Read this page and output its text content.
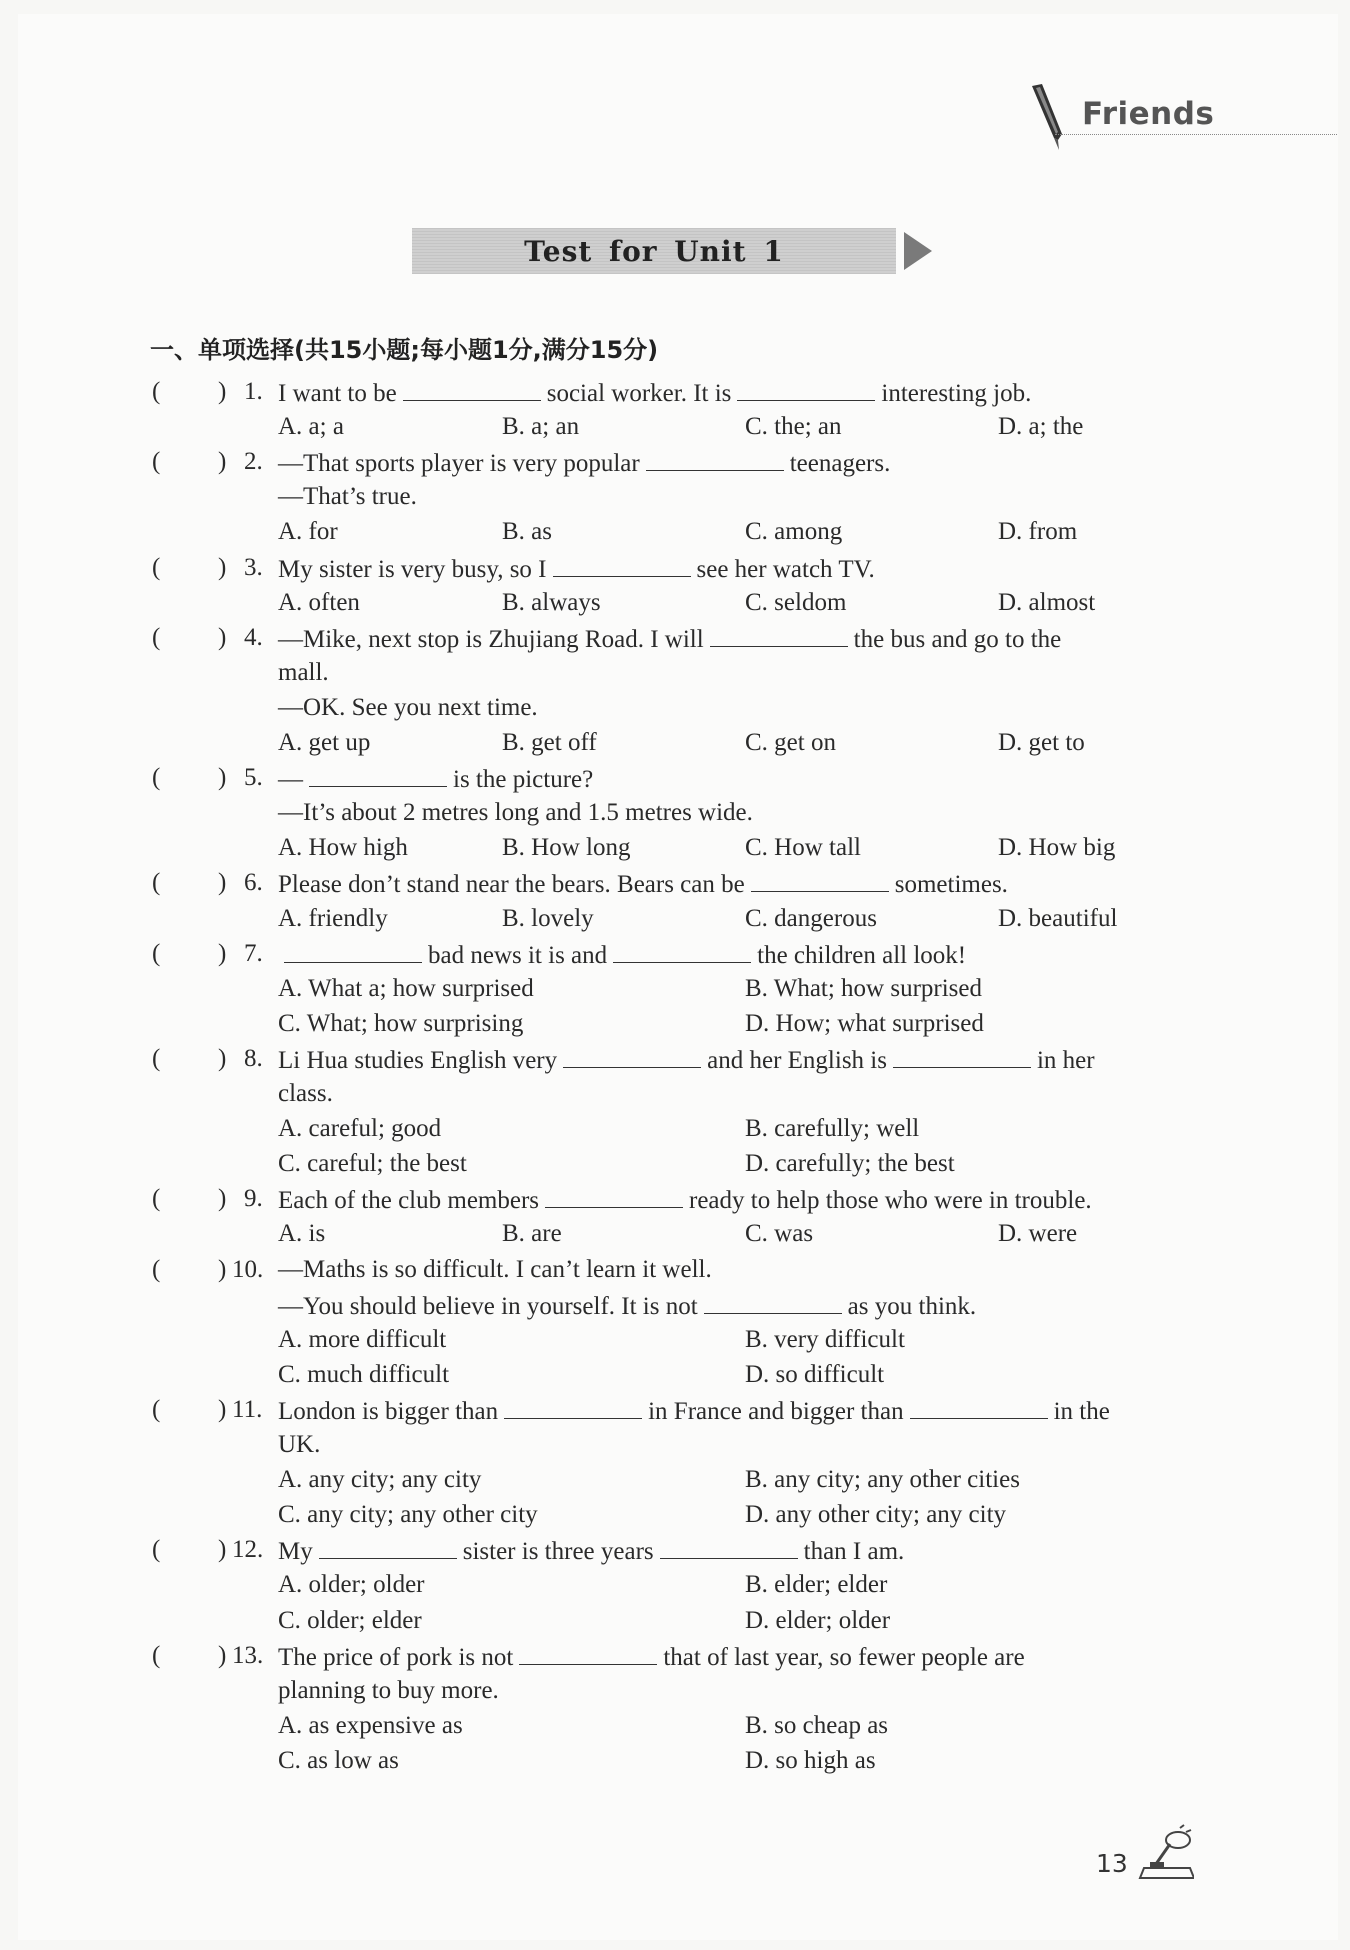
Friends
Test for Unit 1
一、单项选择(共15小题;每小题1分,满分15分)
( ) 1. I want to be	social worker. It is	interesting job.
A. a; a	B. a; an	C. the; an	D. a; the
( ) 2. —That sports player is very popular	teenagers.
—That’s true.
A. for	B. as	C. among	D. from
( ) 3. My sister is very busy, so I	see her watch TV.
A. often	B. always	C. seldom	D. almost
( ) 4. —Mike, next stop is Zhujiang Road. I will	the bus and go to the
mall.
—OK. See you next time.
A. get up	B. get off	C. get on	D. get to
( ) 5. —	is the picture?
—It’s about 2 metres long and 1.5 metres wide.
A. How high	B. How long	C. How tall	D. How big
( ) 6. Please don’t stand near the bears. Bears can be	sometimes.
A. friendly	B. lovely	C. dangerous	D. beautiful
( ) 7.	bad news it is and	the children all look!
A. What a; how surprised	B. What; how surprised
C. What; how surprising	D. How; what surprised
( ) 8. Li Hua studies English very	and her English is	in her
class.
A. careful; good	B. carefully; well
C. careful; the best	D. carefully; the best
( ) 9. Each of the club members	ready to help those who were in trouble.
A. is	B. are	C. was	D. were
( ) 10. —Maths is so difficult. I can’t learn it well.
—You should believe in yourself. It is not	as you think.
A. more difficult	B. very difficult
C. much difficult	D. so difficult
( ) 11. London is bigger than	in France and bigger than	in the
UK.
A. any city; any city	B. any city; any other cities
C. any city; any other city	D. any other city; any city
( ) 12. My	sister is three years	than I am.
A. older; older	B. elder; elder
C. older; elder	D. elder; older
( ) 13. The price of pork is not	that of last year, so fewer people are
planning to buy more.
A. as expensive as	B. so cheap as
C. as low as	D. so high as
13
